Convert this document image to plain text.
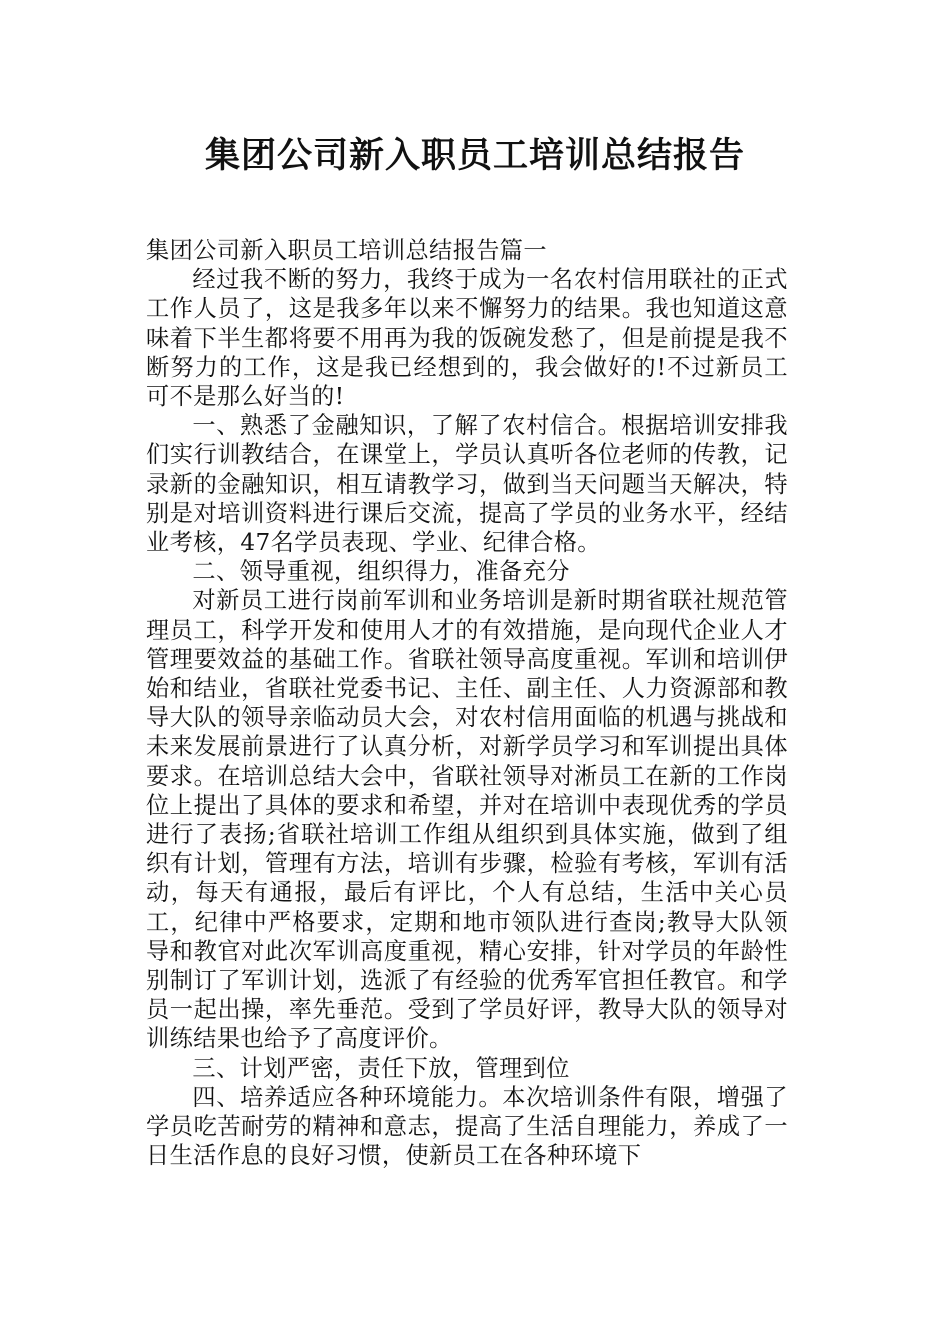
集团公司新入职员工培训总结报告

集团公司新入职员工培训总结报告篇一

经过我不断的努力，我终于成为一名农村信用联社的正式工作人员了，这是我多年以来不懈努力的结果。我也知道这意味着下半生都将要不用再为我的饭碗发愁了，但是前提是我不断努力的工作，这是我已经想到的，我会做好的!不过新员工可不是那么好当的!

一、熟悉了金融知识，了解了农村信合。根据培训安排我们实行训教结合，在课堂上，学员认真听各位老师的传教，记录新的金融知识，相互请教学习，做到当天问题当天解决，特别是对培训资料进行课后交流，提高了学员的业务水平，经结业考核，47名学员表现、学业、纪律合格。

二、领导重视，组织得力，准备充分

对新员工进行岗前军训和业务培训是新时期省联社规范管理员工，科学开发和使用人才的有效措施，是向现代企业人才管理要效益的基础工作。省联社领导高度重视。军训和培训伊始和结业，省联社党委书记、主任、副主任、人力资源部和教导大队的领导亲临动员大会，对农村信用面临的机遇与挑战和未来发展前景进行了认真分析，对新学员学习和军训提出具体要求。在培训总结大会中，省联社领导对淅员工在新的工作岗位上提出了具体的要求和希望，并对在培训中表现优秀的学员进行了表扬;省联社培训工作组从组织到具体实施，做到了组织有计划，管理有方法，培训有步骤，检验有考核，军训有活动，每天有通报，最后有评比，个人有总结，生活中关心员工，纪律中严格要求，定期和地市领队进行查岗;教导大队领导和教官对此次军训高度重视，精心安排，针对学员的年龄性别制订了军训计划，选派了有经验的优秀军官担任教官。和学员一起出操，率先垂范。受到了学员好评，教导大队的领导对训练结果也给予了高度评价。

三、计划严密，责任下放，管理到位

四、培养适应各种环境能力。本次培训条件有限，增强了学员吃苦耐劳的精神和意志，提高了生活自理能力，养成了一日生活作息的良好习惯，使新员工在各种环境下
